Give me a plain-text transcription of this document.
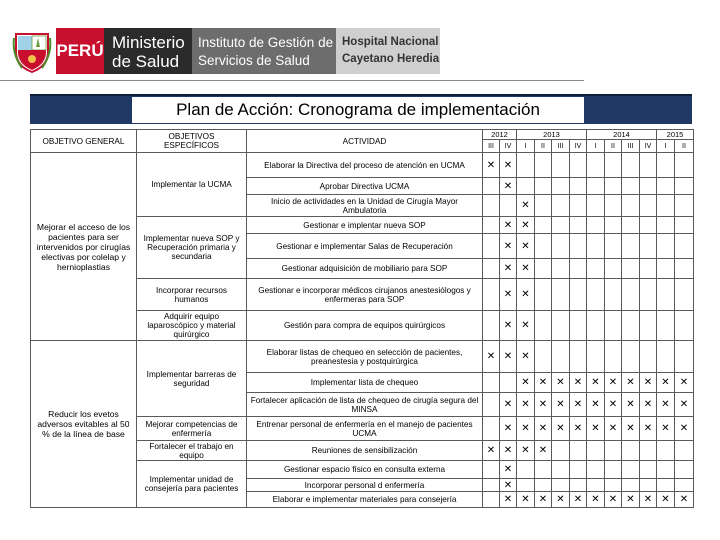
PERÚ Ministerio
de Salud
Instituto de Gestión de
Servicios de Salud
Hospital Nacional
Cayetano Heredia
Plan de Acción: Cronograma de implementación
OBJETIVO GENERAL	OBJETIVOS ESPECÍFICOS	ACTIVIDAD	2012		2013				2014				2015	
			III	IV	I	II	III	IV	I	II	III	IV	I	II
Mejorar el acceso de los pacientes para ser intervenidos por cirugías electivas por colelap y hernioplastias	Implementar la UCMA	Elaborar la Directiva del proceso de atención en UCMA	✕	✕										
		Aprobar Directiva UCMA		✕										
		Inicio de actividades en la Unidad de Cirugía Mayor Ambulatoria			✕									
	Implementar nueva SOP y Recuperación primaria y secundaria	Gestionar e implentar nueva SOP		✕	✕									
		Gestionar e implementar Salas de Recuperación		✕	✕									
		Gestionar adquisición de mobiliario para SOP		✕	✕									
	Incorporar recursos humanos	Gestionar e incorporar médicos cirujanos anestesiólogos y enfermeras para SOP		✕	✕									
	Adquirir equipo laparoscópico y material quirúrgico	Gestión para compra de equipos quirúrgicos		✕	✕									
Reducir los evetos adversos evitables al 50 % de la línea de base	Implementar barreras de seguridad	Elaborar listas de chequeo en selección de pacientes, preanestesia y postquirúrgica	✕	✕	✕									
		Implementar lista de chequeo			✕	✕	✕	✕	✕	✕	✕	✕	✕	✕
		Fortalecer aplicación de lista de chequeo de cirugía segura del MINSA		✕	✕	✕	✕	✕	✕	✕	✕	✕	✕	✕
	Mejorar competencias de enfermería	Entrenar personal de enfermería en el manejo de pacientes UCMA		✕	✕	✕	✕	✕	✕	✕	✕	✕	✕	✕
	Fortalecer el trabajo en equipo	Reuniones de sensibilización	✕	✕	✕	✕								
	Implementar unidad de consejería para pacientes	Gestionar espacio físico en consulta externa		✕										
		Incorporar personal d enfermería		✕										
		Elaborar e implementar materiales para consejería		✕	✕	✕	✕	✕	✕	✕	✕	✕	✕	✕
